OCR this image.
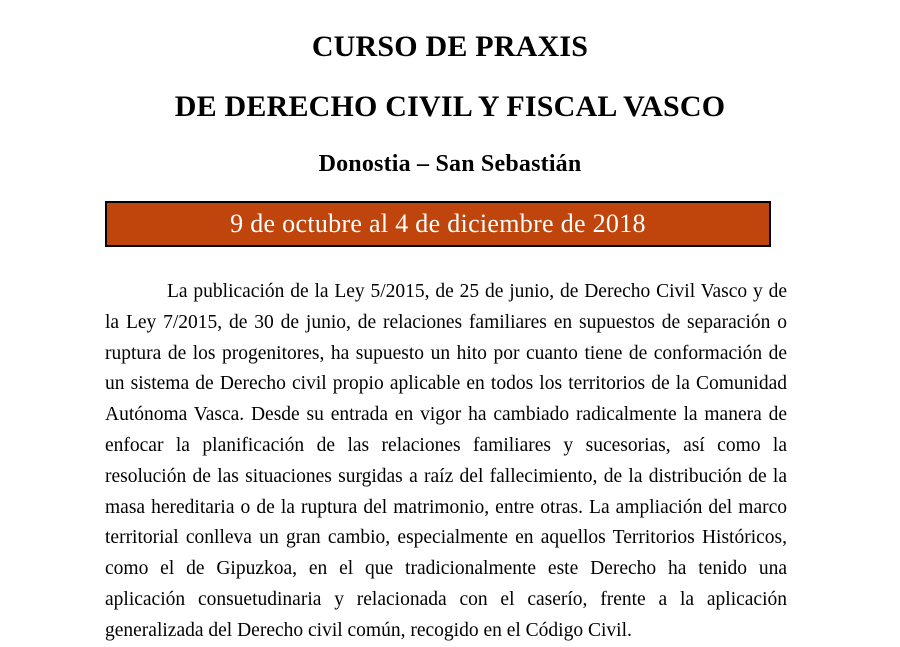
CURSO DE PRAXIS
DE DERECHO CIVIL Y FISCAL VASCO
Donostia – San Sebastián
9 de octubre al 4 de diciembre de 2018

La publicación de la Ley 5/2015, de 25 de junio, de Derecho Civil Vasco y de la Ley 7/2015, de 30 de junio, de relaciones familiares en supuestos de separación o ruptura de los progenitores, ha supuesto un hito por cuanto tiene de conformación de un sistema de Derecho civil propio aplicable en todos los territorios de la Comunidad Autónoma Vasca. Desde su entrada en vigor ha cambiado radicalmente la manera de enfocar la planificación de las relaciones familiares y sucesorias, así como la resolución de las situaciones surgidas a raíz del fallecimiento, de la distribución de la masa hereditaria o de la ruptura del matrimonio, entre otras. La ampliación del marco territorial conlleva un gran cambio, especialmente en aquellos Territorios Históricos, como el de Gipuzkoa, en el que tradicionalmente este Derecho ha tenido una aplicación consuetudinaria y relacionada con el caserío, frente a la aplicación generalizada del Derecho civil común, recogido en el Código Civil.
